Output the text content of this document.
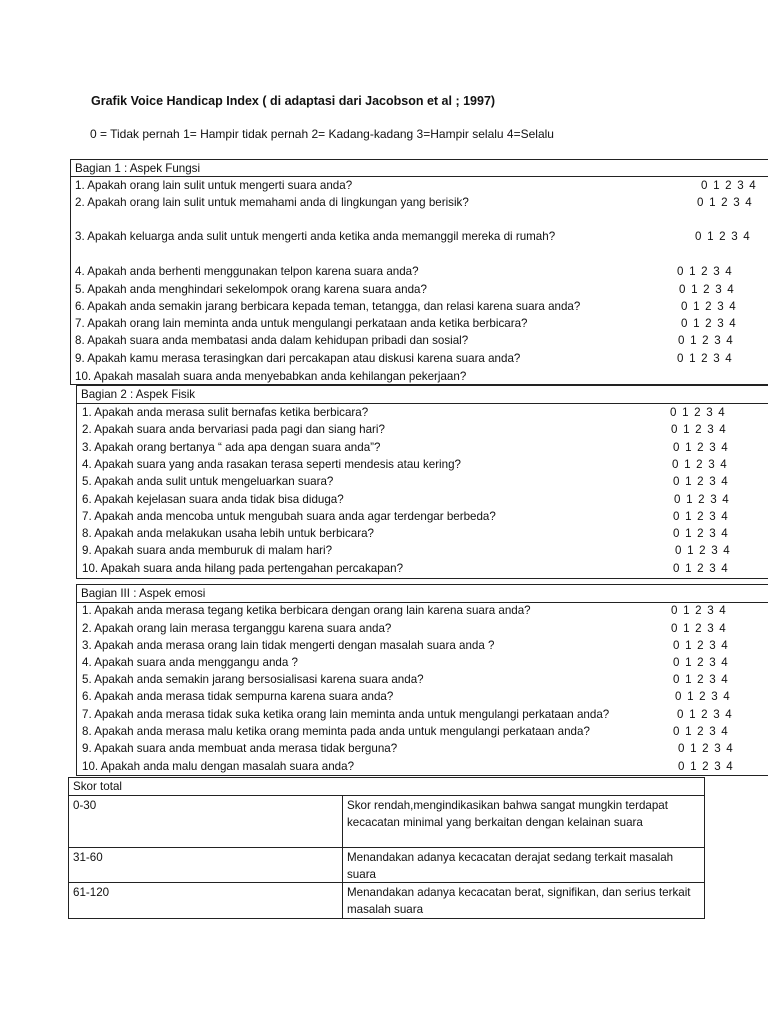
Grafik Voice Handicap Index ( di adaptasi dari Jacobson et al ; 1997)
0 = Tidak pernah 1= Hampir tidak pernah 2= Kadang-kadang 3=Hampir selalu 4=Selalu
Bagian 1 : Aspek Fungsi
1. Apakah orang lain sulit untuk mengerti suara anda?	0 1 2 3 4
2. Apakah orang lain sulit untuk memahami anda di lingkungan yang berisik?	0 1 2 3 4
3. Apakah keluarga anda sulit untuk mengerti anda ketika anda memanggil mereka di rumah?	0 1 2 3 4
4. Apakah anda berhenti menggunakan telpon karena suara anda?	0 1 2 3 4
5. Apakah anda menghindari sekelompok orang karena suara anda?	0 1 2 3 4
6. Apakah anda semakin jarang berbicara kepada teman, tetangga, dan relasi karena suara anda?	0 1 2 3 4
7. Apakah orang lain meminta anda untuk mengulangi perkataan anda ketika berbicara?	0 1 2 3 4
8. Apakah suara anda membatasi anda dalam kehidupan pribadi dan sosial?	0 1 2 3 4
9. Apakah kamu merasa terasingkan dari percakapan atau diskusi karena suara anda?	0 1 2 3 4
10. Apakah masalah suara anda menyebabkan anda kehilangan pekerjaan?
Bagian 2 : Aspek Fisik
1. Apakah anda merasa sulit bernafas ketika berbicara?	0 1 2 3 4
2. Apakah suara anda bervariasi pada pagi dan siang hari?	0 1 2 3 4
3. Apakah orang bertanya “ ada apa dengan suara anda”?	0 1 2 3 4
4. Apakah suara yang anda rasakan terasa seperti mendesis atau kering?	0 1 2 3 4
5. Apakah anda sulit untuk mengeluarkan suara?	0 1 2 3 4
6. Apakah kejelasan suara anda tidak bisa diduga?	0 1 2 3 4
7. Apakah anda mencoba untuk mengubah suara anda agar terdengar berbeda?	0 1 2 3 4
8. Apakah anda melakukan usaha lebih untuk berbicara?	0 1 2 3 4
9. Apakah suara anda memburuk di malam hari?	0 1 2 3 4
10. Apakah suara anda hilang pada pertengahan percakapan?	0 1 2 3 4
Bagian III : Aspek emosi
1. Apakah anda merasa tegang ketika berbicara dengan orang lain karena suara anda?	0 1 2 3 4
2. Apakah orang lain merasa terganggu karena suara anda?	0 1 2 3 4
3. Apakah anda merasa orang lain tidak mengerti dengan masalah suara anda ?	0 1 2 3 4
4. Apakah suara anda menggangu anda ?	0 1 2 3 4
5. Apakah anda semakin jarang bersosialisasi karena suara anda?	0 1 2 3 4
6. Apakah anda merasa tidak sempurna karena suara anda?	0 1 2 3 4
7. Apakah anda merasa tidak suka ketika orang lain meminta anda untuk mengulangi perkataan anda?	0 1 2 3 4
8. Apakah anda merasa malu ketika orang meminta pada anda untuk mengulangi perkataan anda?	0 1 2 3 4
9. Apakah suara anda membuat anda merasa tidak berguna?	0 1 2 3 4
10. Apakah anda malu dengan masalah suara anda?	0 1 2 3 4
Skor total
0-30	Skor rendah,mengindikasikan bahwa sangat mungkin terdapat kecacatan minimal yang berkaitan dengan kelainan suara
31-60	Menandakan adanya kecacatan derajat sedang terkait masalah suara
61-120	Menandakan adanya kecacatan berat, signifikan, dan serius terkait masalah suara
